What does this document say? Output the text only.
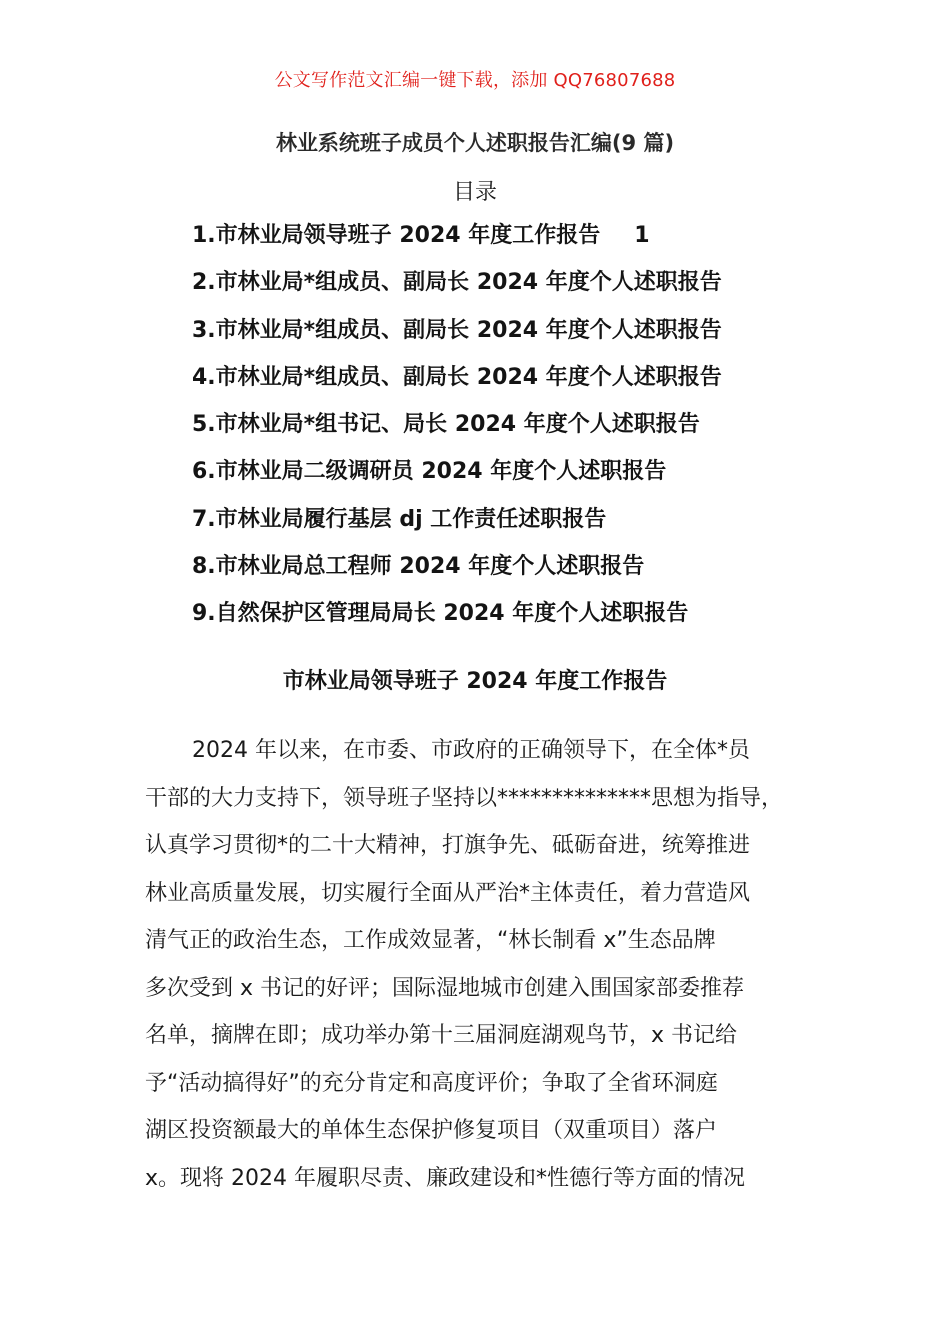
公文写作范文汇编一键下载，添加 QQ76807688
林业系统班子成员个人述职报告汇编(9 篇)
目录
1.市林业局领导班子 2024 年度工作报告 1
2.市林业局*组成员、副局长 2024 年度个人述职报告
3.市林业局*组成员、副局长 2024 年度个人述职报告
4.市林业局*组成员、副局长 2024 年度个人述职报告
5.市林业局*组书记、局长 2024 年度个人述职报告
6.市林业局二级调研员 2024 年度个人述职报告
7.市林业局履行基层 dj 工作责任述职报告
8.市林业局总工程师 2024 年度个人述职报告
9.自然保护区管理局局长 2024 年度个人述职报告
市林业局领导班子 2024 年度工作报告
2024 年以来，在市委、市政府的正确领导下，在全体*员
干部的大力支持下，领导班子坚持以**************思想为指导，
认真学习贯彻*的二十大精神，打旗争先、砥砺奋进，统筹推进
林业高质量发展，切实履行全面从严治*主体责任，着力营造风
清气正的政治生态，工作成效显著，“林长制看 x”生态品牌
多次受到 x 书记的好评；国际湿地城市创建入围国家部委推荐
名单，摘牌在即；成功举办第十三届洞庭湖观鸟节，x 书记给
予“活动搞得好”的充分肯定和高度评价；争取了全省环洞庭
湖区投资额最大的单体生态保护修复项目（双重项目）落户
x。现将 2024 年履职尽责、廉政建设和*性德行等方面的情况
